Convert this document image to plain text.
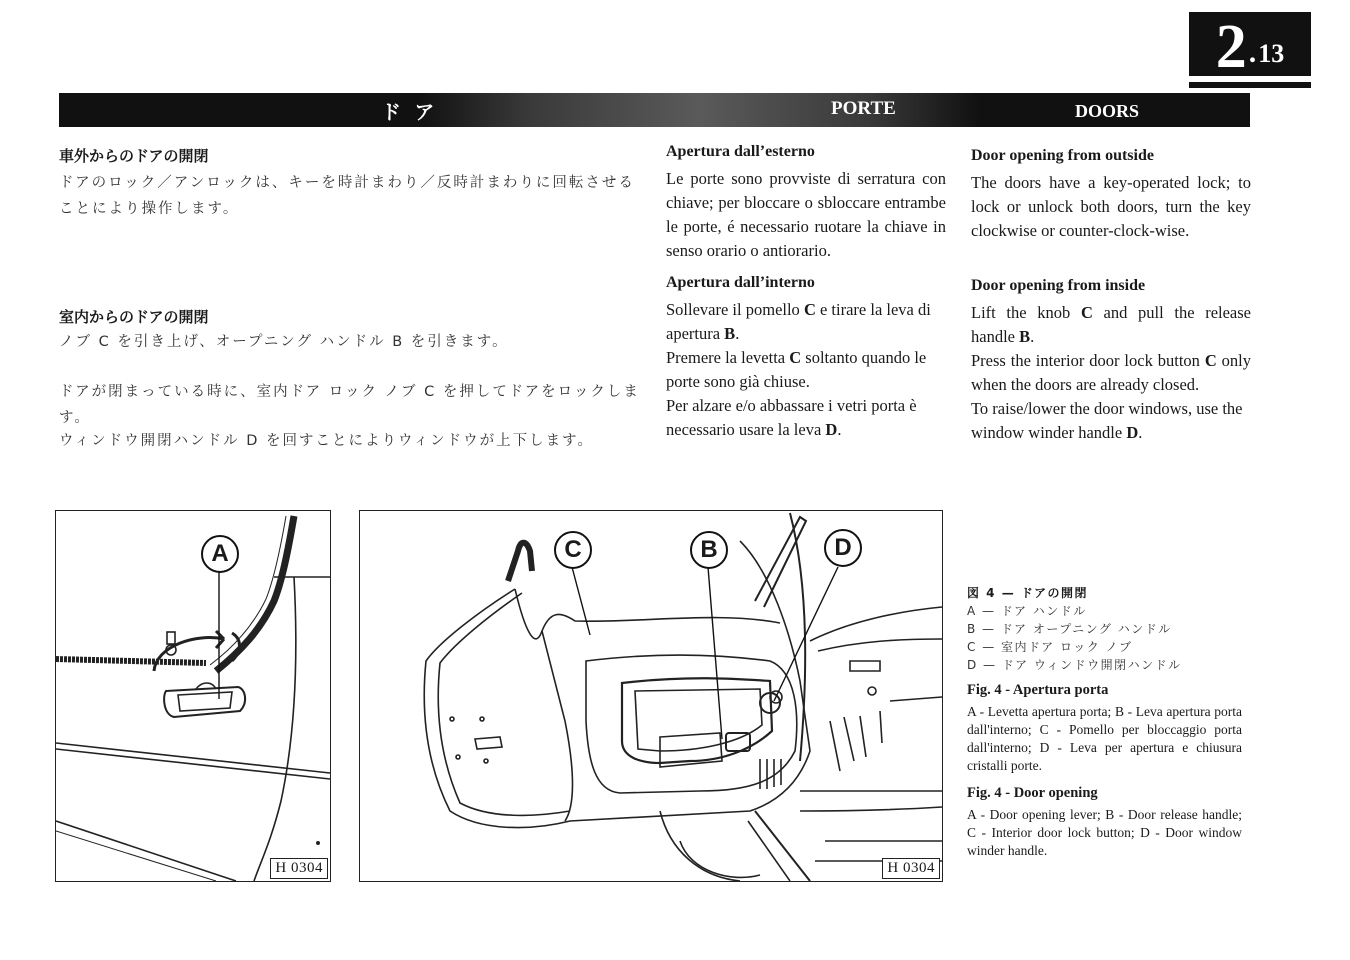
2 . 13
ドア	PORTE	DOORS

車外からのドアの開閉

ドアのロック／アンロックは、キーを時計まわり／反時計まわりに回転させることにより操作します。

室内からのドアの開閉

ノブ C を引き上げ、オープニング ハンドル B を引きます。

ドアが閉まっている時に、室内ドア ロック ノブ C を押してドアをロックします。

ウィンドウ開閉ハンドル D を回すことによりウィンドウが上下します。

Apertura dall’esterno

Le porte sono provviste di serratura con chiave; per bloccare o sbloccare entrambe le porte, é necessario ruotare la chiave in senso orario o antiorario.

Apertura dall’interno

Sollevare il pomello C e tirare la leva di apertura B.

Premere la levetta C soltanto quando le porte sono già chiuse.

Per alzare e/o abbassare i vetri porta è necessario usare la leva D.

Door opening from outside

The doors have a key-operated lock; to lock or unlock both doors, turn the key clockwise or counter-clock-wise.

Door opening from inside

Lift the knob C and pull the release handle B.

Press the interior door lock button C only when the doors are already closed.

To raise/lower the door windows, use the window winder handle D.

A
H 0304
C	B	D
H 0304

図 4 — ドアの開閉

A — ドア ハンドル

B — ドア オープニング ハンドル

C — 室内ドア ロック ノブ

D — ドア ウィンドウ開閉ハンドル

Fig. 4 - Apertura porta

A - Levetta apertura porta; B - Leva apertura porta dall'interno; C - Pomello per bloccaggio porta dall'interno; D - Leva per apertura e chiusura cristalli porte.

Fig. 4 - Door opening

A - Door opening lever; B - Door release handle; C - Interior door lock button; D - Door window winder handle.
